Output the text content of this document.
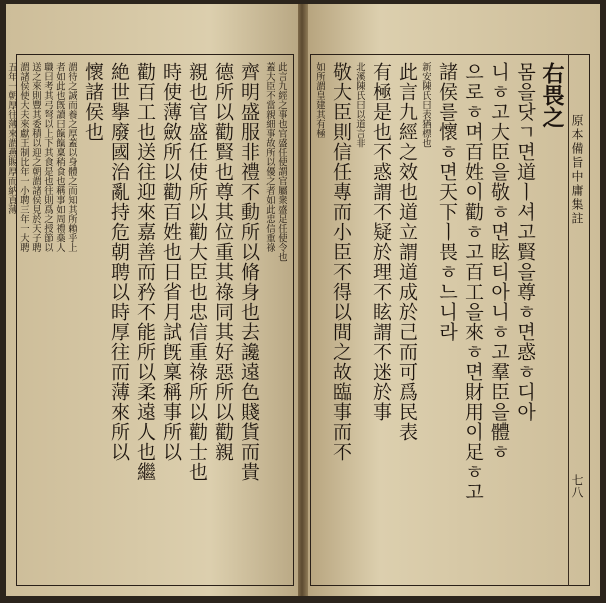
原本備旨中庸集註
七八
右畏之
몸을닷ㄱ면道ㅣ셔고賢을尊ㅎ면惑ㅎ디아
니ㅎ고大臣을敬ㅎ면眩티아니ㅎ고羣臣을體ㅎ
으로ㅎ며百姓이勸ㅎ고百工을來ㅎ면財用이足ㅎ고
諸侯를懷ㅎ면天下ㅣ畏ㅎ느니라
新安陳氏曰表猶標也
此言九經之效也道立謂道成於己而可爲民表
有極是也不惑謂不疑於理不眩謂不迷於事
北溪陳氏曰以道言非
敬大臣則信任專而小臣不得以間之故臨事而不
如所謂皇建其有極
此言九經之事也官盛任使謂官屬衆盛足任使令也
蓋大臣不當親細事故所以優之者如此忠信重祿
齊明盛服非禮不動所以脩身也去讒遠色賤貨而貴
德所以勸賢也尊其位重其祿同其好惡所以勸親
親也官盛任使所以勸大臣也忠信重祿所以勸士也
時使薄斂所以勸百姓也日省月試旣稟稱事所以
勸百工也送往迎來嘉善而矜不能所以柔遠人也繼
絶世擧廢國治亂持危朝聘以時厚往而薄來所以
懷諸侯也
謂待之誠而養之厚蓋以身體之而知其所賴乎上
者如此也旣讀曰餼餼稟稍食也稱事如周禮槀人
職曰考其弓弩以上下其食是也往則爲之授節以
送之來則豐其委積以迎之朝謂諸侯見於天子聘
謂諸侯使大夫來獻王制比年一小聘三年一大聘
五年一朝厚往薄來謂燕賜厚而納貢薄
